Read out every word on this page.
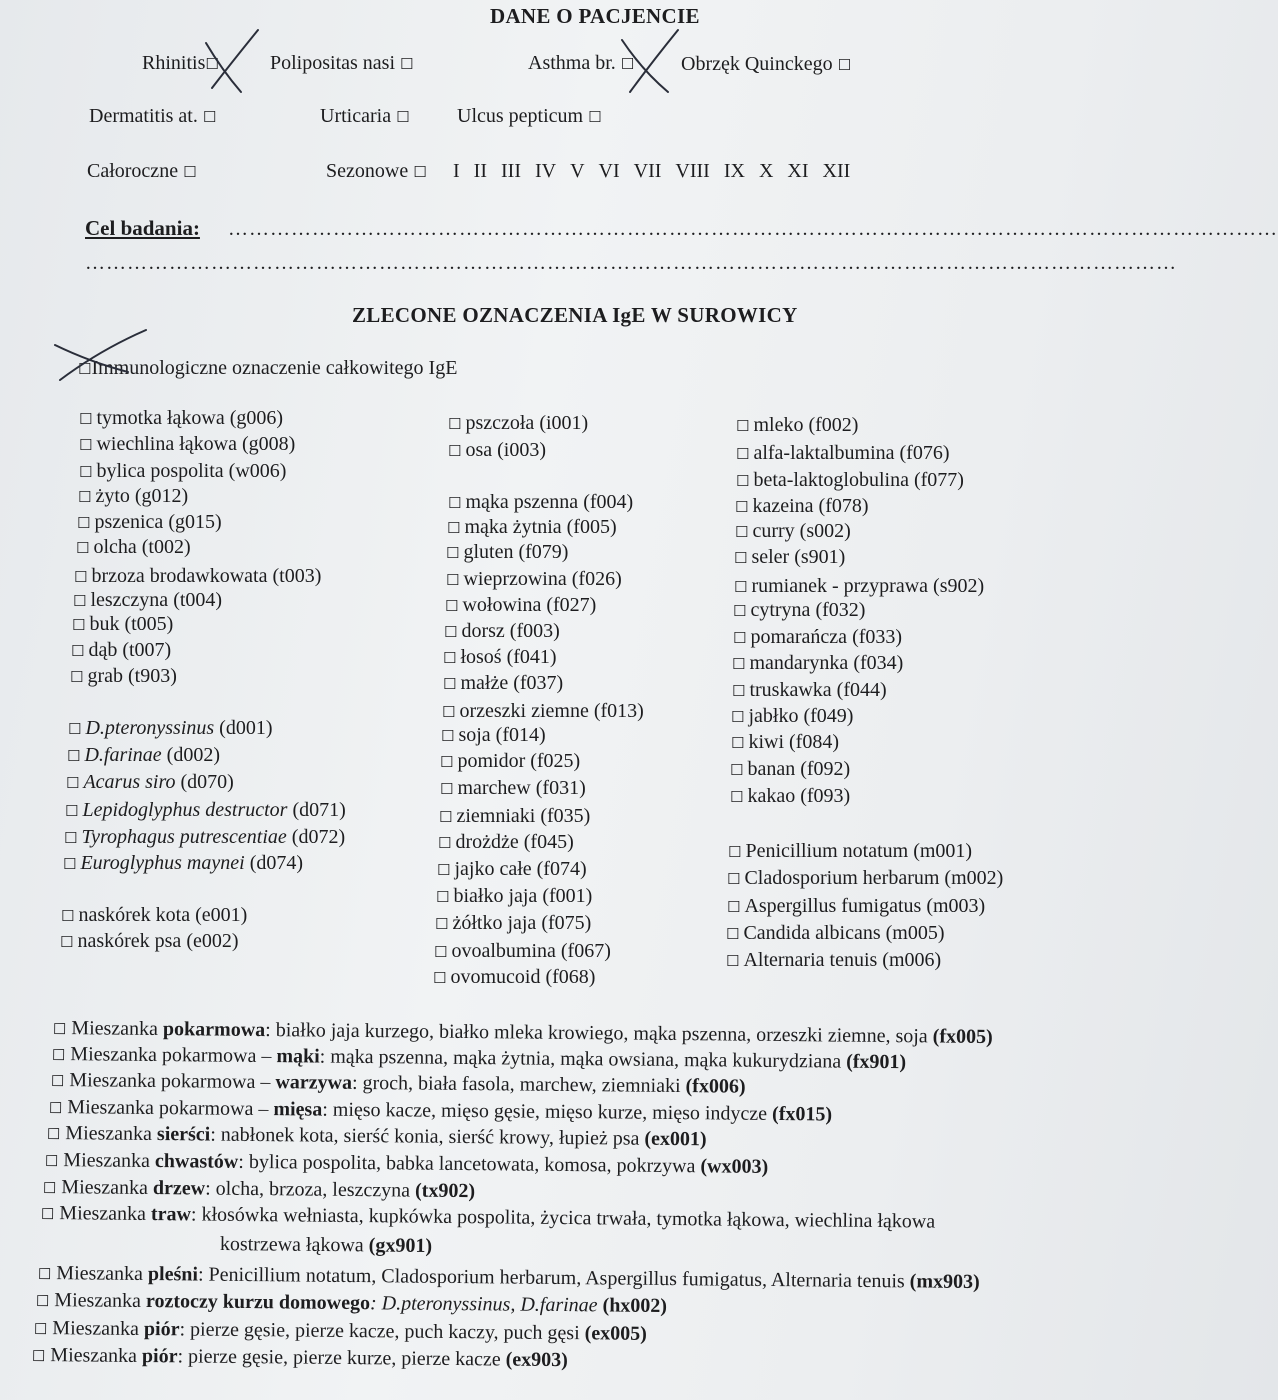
DANE O PACJENCIE
Rhinitis☐	Polipositas nasi ☐	Asthma br. ☐ Obrzęk Quinckego ☐
Dermatitis at. ☐	Urticaria ☐ Ulcus pepticum ☐
Całoroczne ☐	Sezonowe ☐ I II III IV V VI VII VIII IX X XI XII
Cel badania: ……………………………………………………………………………………………………………………………………
…………………………………………………………………………………………………………………………………………
ZLECONE OZNACZENIA IgE W SUROWICY
☐Immunologiczne oznaczenie całkowitego IgE
☐ tymotka łąkowa (g006)
☐ wiechlina łąkowa (g008)
☐ bylica pospolita (w006)
☐ żyto (g012)
☐ pszenica (g015)
☐ olcha (t002)
☐ brzoza brodawkowata (t003)
☐ leszczyna (t004)
☐ buk (t005)
☐ dąb (t007)
☐ grab (t903)
☐ D.pteronyssinus (d001)
☐ D.farinae (d002)
☐ Acarus siro (d070)
☐ Lepidoglyphus destructor (d071)
☐ Tyrophagus putrescentiae (d072)
☐ Euroglyphus maynei (d074)
☐ naskórek kota (e001)
☐ naskórek psa (e002)
☐ pszczoła (i001)
☐ osa (i003)
☐ mąka pszenna (f004)
☐ mąka żytnia (f005)
☐ gluten (f079)
☐ wieprzowina (f026)
☐ wołowina (f027)
☐ dorsz (f003)
☐ łosoś (f041)
☐ małże (f037)
☐ orzeszki ziemne (f013)
☐ soja (f014)
☐ pomidor (f025)
☐ marchew (f031)
☐ ziemniaki (f035)
☐ drożdże (f045)
☐ jajko całe (f074)
☐ białko jaja (f001)
☐ żółtko jaja (f075)
☐ ovoalbumina (f067)
☐ ovomucoid (f068)
☐ mleko (f002)
☐ alfa-laktalbumina (f076)
☐ beta-laktoglobulina (f077)
☐ kazeina (f078)
☐ curry (s002)
☐ seler (s901)
☐ rumianek - przyprawa (s902)
☐ cytryna (f032)
☐ pomarańcza (f033)
☐ mandarynka (f034)
☐ truskawka (f044)
☐ jabłko (f049)
☐ kiwi (f084)
☐ banan (f092)
☐ kakao (f093)
☐ Penicillium notatum (m001)
☐ Cladosporium herbarum (m002)
☐ Aspergillus fumigatus (m003)
☐ Candida albicans (m005)
☐ Alternaria tenuis (m006)
☐ Mieszanka pokarmowa: białko jaja kurzego, białko mleka krowiego, mąka pszenna, orzeszki ziemne, soja (fx005)
☐ Mieszanka pokarmowa – mąki: mąka pszenna, mąka żytnia, mąka owsiana, mąka kukurydziana (fx901)
☐ Mieszanka pokarmowa – warzywa: groch, biała fasola, marchew, ziemniaki (fx006)
☐ Mieszanka pokarmowa – mięsa: mięso kacze, mięso gęsie, mięso kurze, mięso indycze (fx015)
☐ Mieszanka sierści: nabłonek kota, sierść konia, sierść krowy, łupież psa (ex001)
☐ Mieszanka chwastów: bylica pospolita, babka lancetowata, komosa, pokrzywa (wx003)
☐ Mieszanka drzew: olcha, brzoza, leszczyna (tx902)
☐ Mieszanka traw: kłosówka wełniasta, kupkówka pospolita, życica trwała, tymotka łąkowa, wiechlina łąkowa
kostrzewa łąkowa (gx901)
☐ Mieszanka pleśni: Penicillium notatum, Cladosporium herbarum, Aspergillus fumigatus, Alternaria tenuis (mx903)
☐ Mieszanka roztoczy kurzu domowego: D.pteronyssinus, D.farinae (hx002)
☐ Mieszanka piór: pierze gęsie, pierze kacze, puch kaczy, puch gęsi (ex005)
☐ Mieszanka piór: pierze gęsie, pierze kurze, pierze kacze (ex903)
